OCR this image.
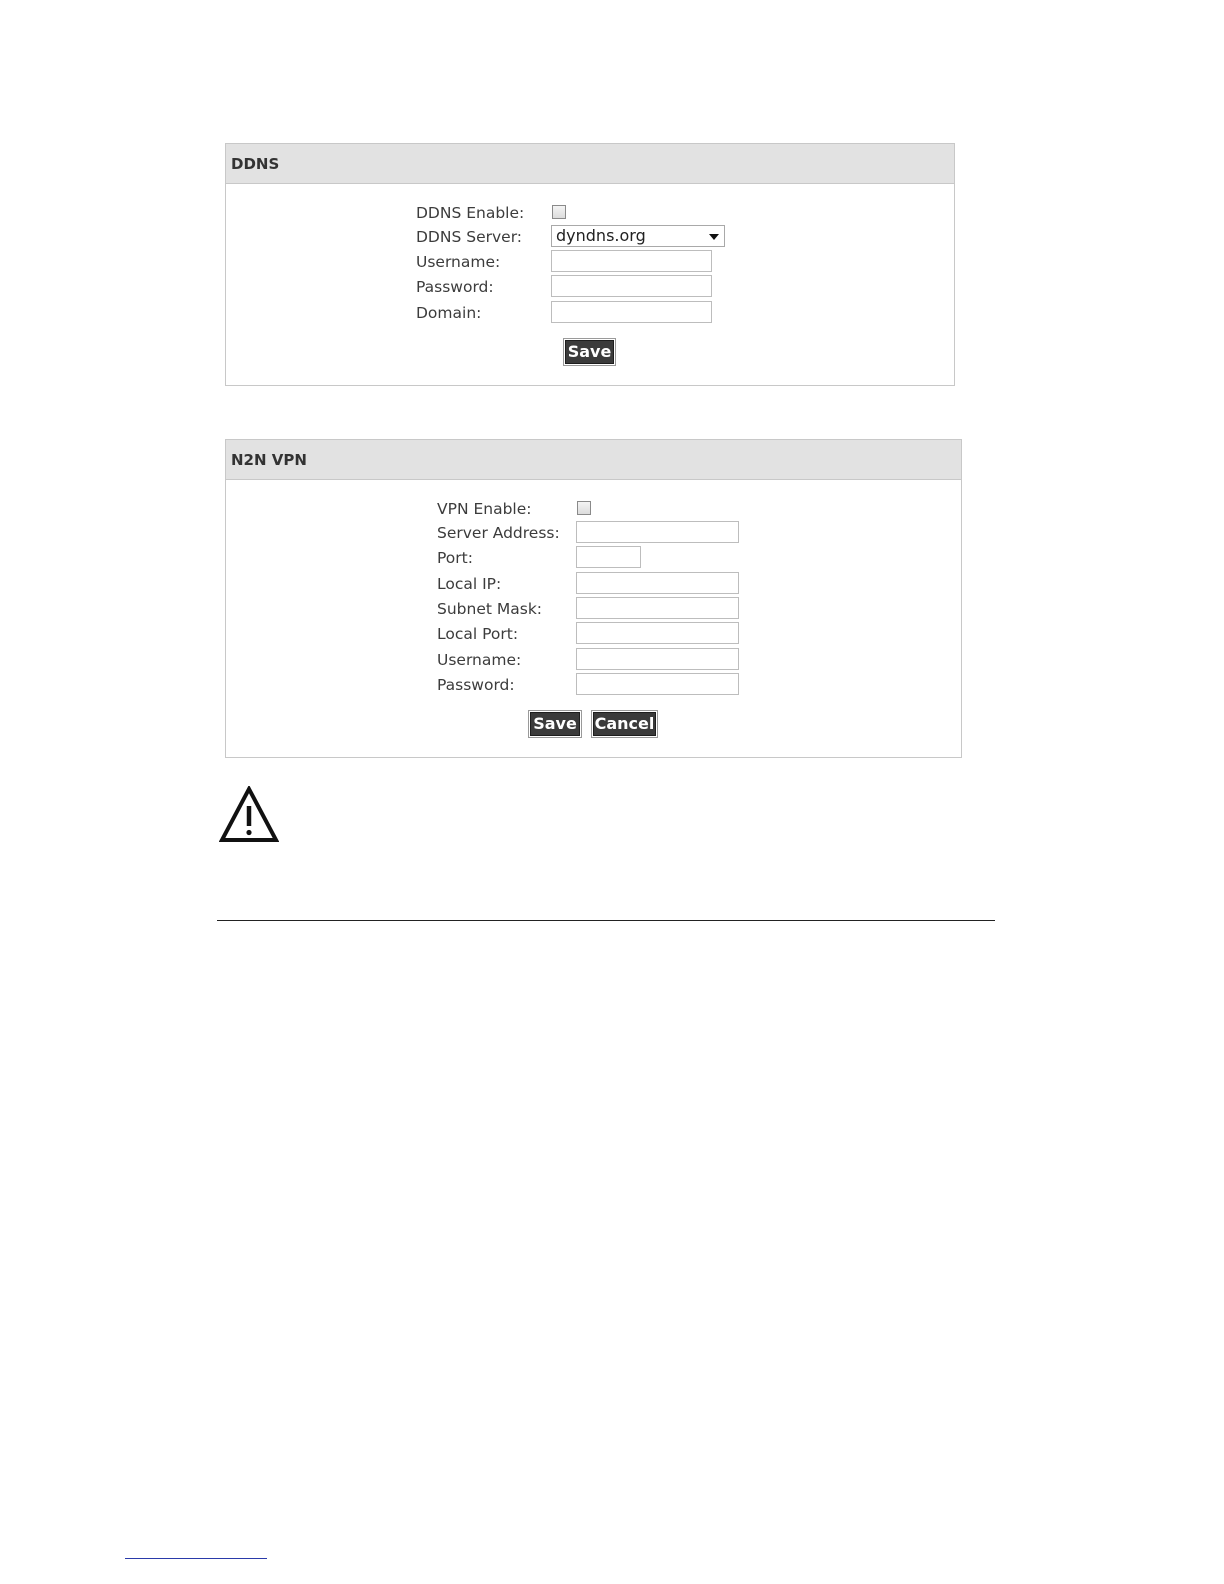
DDNS
DDNS Enable:
DDNS Server:	dyndns.org
Username:
Password:
Domain:
Save
N2N VPN
VPN Enable:
Server Address:
Port:
Local IP:
Subnet Mask:
Local Port:
Username:
Password:
Save Cancel
